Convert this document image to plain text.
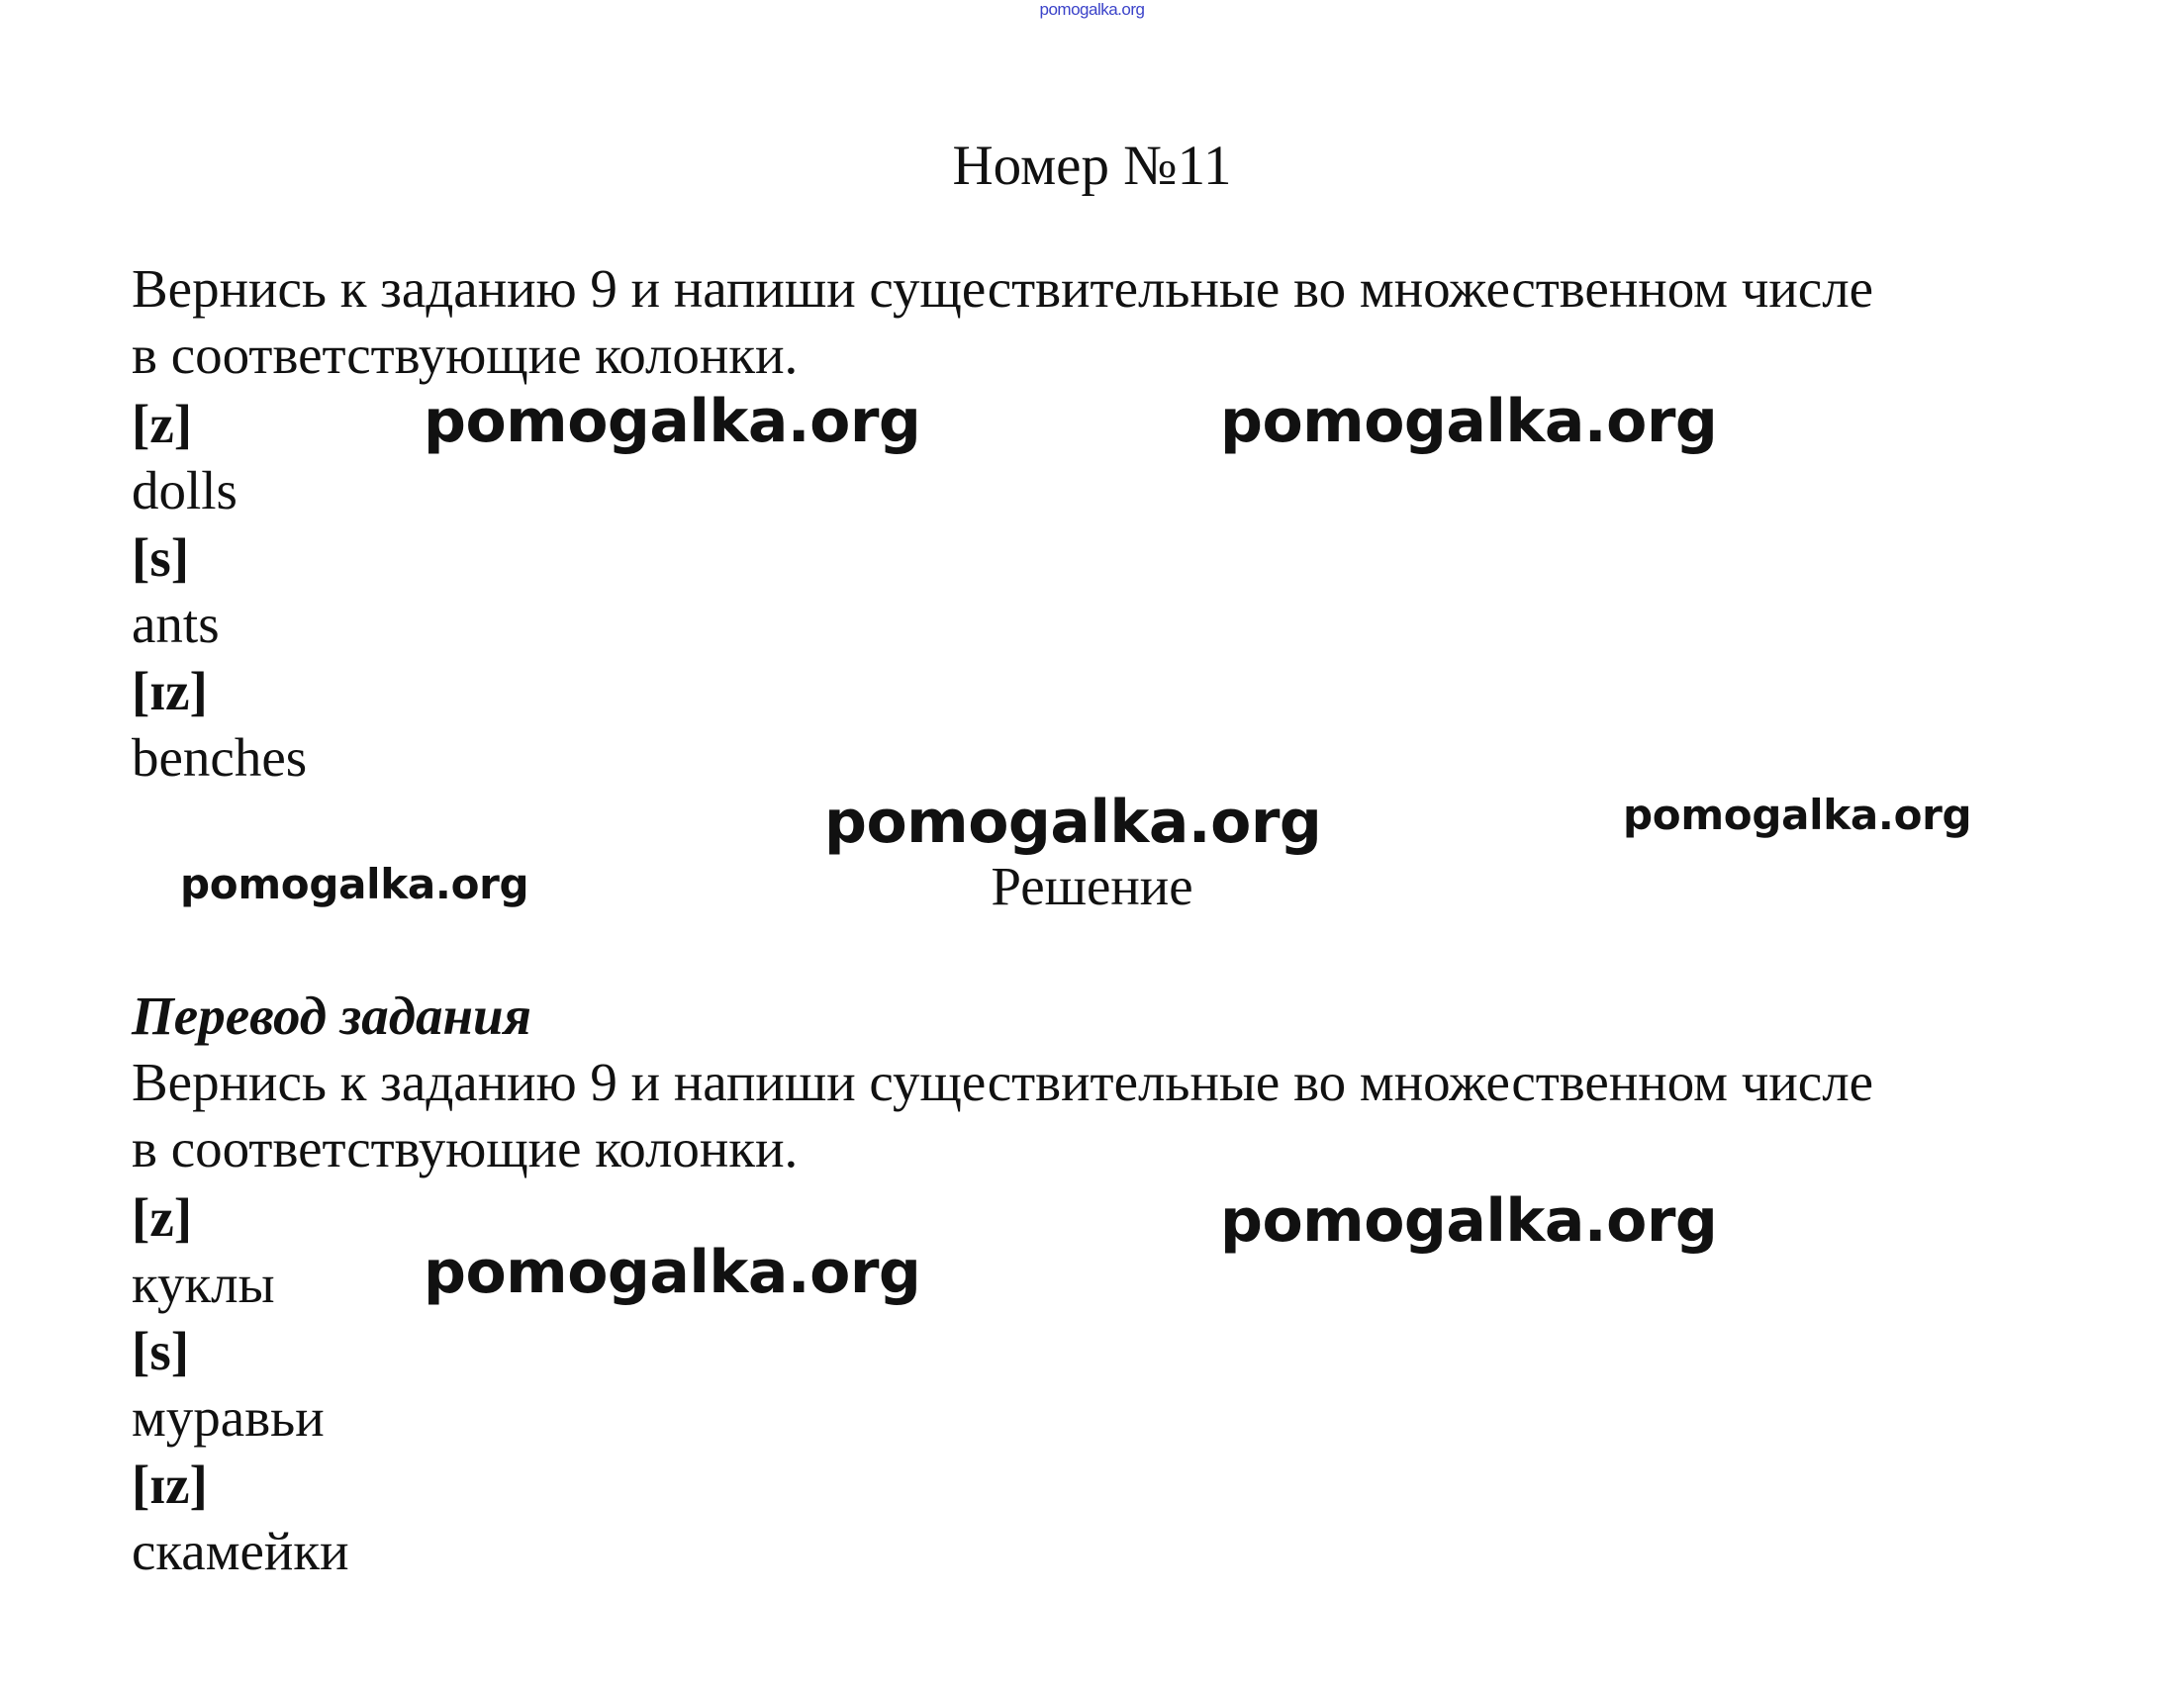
pomogalka.org
Номер №11
Вернись к заданию 9 и напиши существительные во множественном числе
в соответствующие колонки.
[z]
dolls
[s]
ants
[ɪz]
benches
Решение
Перевод задания
Вернись к заданию 9 и напиши существительные во множественном числе
в соответствующие колонки.
[z]
куклы
[s]
муравьи
[ɪz]
скамейки
pomogalka.org	pomogalka.org
pomogalka.org	pomogalka.org
pomogalka.org
pomogalka.org
pomogalka.org
